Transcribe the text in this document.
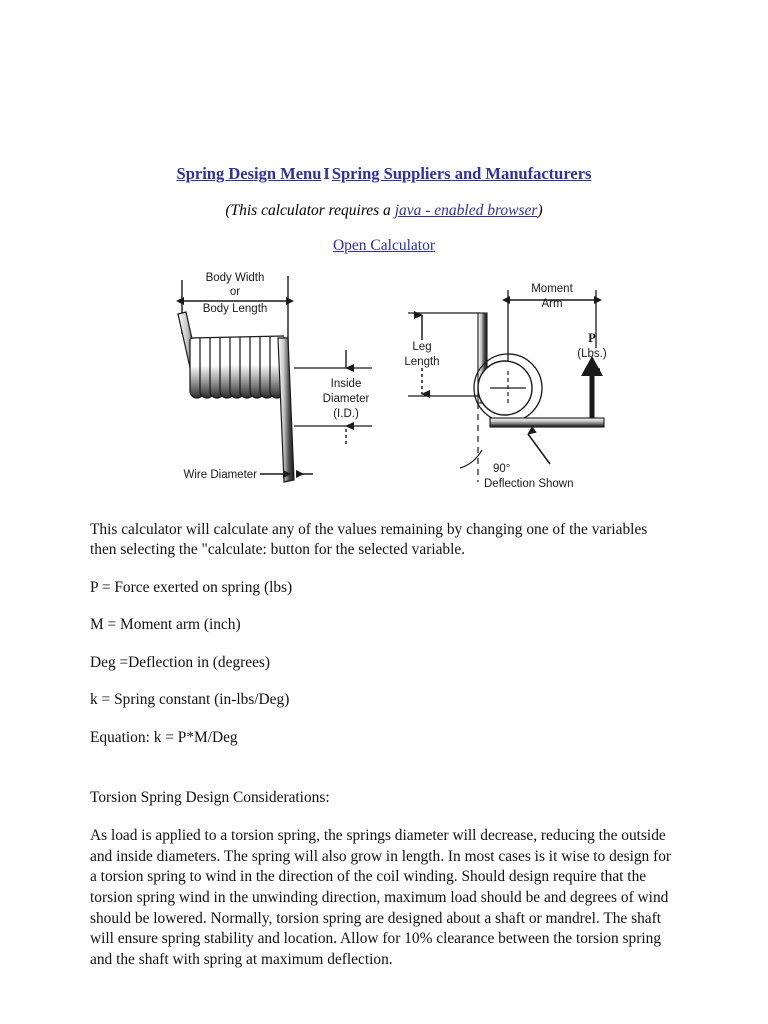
Spring Design Menu I Spring Suppliers and Manufacturers
(This calculator requires a java - enabled browser)
Open Calculator
Body Width
or
Body Length
Inside
Diameter
(I.D.)
Wire Diameter
Moment
Arm
Leg
Length
P
(Lbs.)
90°
Deflection Shown

This calculator will calculate any of the values remaining by changing one of the variables then selecting the "calculate: button for the selected variable.

P = Force exerted on spring (lbs)

M = Moment arm (inch)

Deg =Deflection in (degrees)

k = Spring constant (in-lbs/Deg)

Equation: k = P*M/Deg

Torsion Spring Design Considerations:
As load is applied to a torsion spring, the springs diameter will decrease, reducing the outside and inside diameters. The spring will also grow in length. In most cases is it wise to design for a torsion spring to wind in the direction of the coil winding. Should design require that the torsion spring wind in the unwinding direction, maximum load should be and degrees of wind should be lowered. Normally, torsion spring are designed about a shaft or mandrel. The shaft will ensure spring stability and location. Allow for 10% clearance between the torsion spring and the shaft with spring at maximum deflection.
